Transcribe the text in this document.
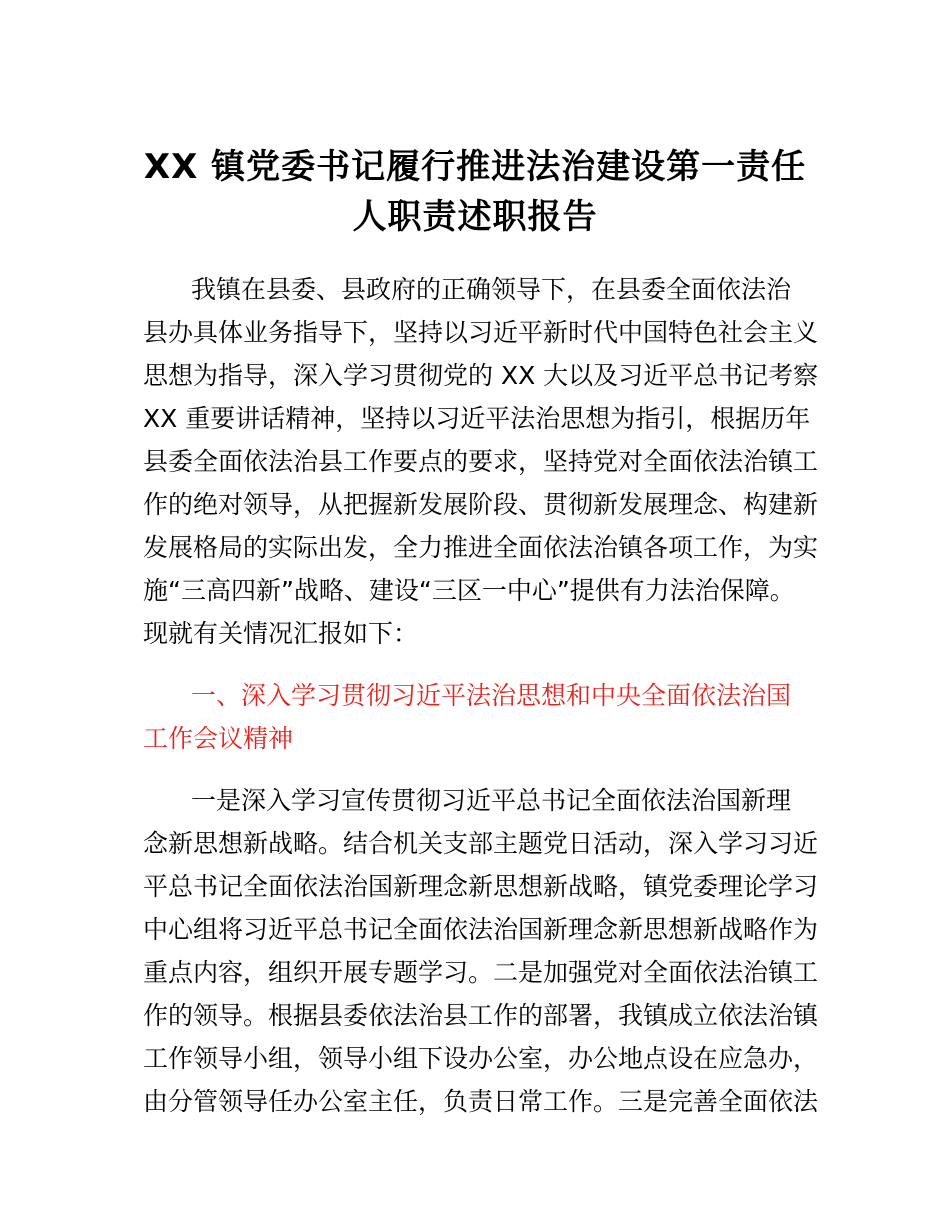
XX 镇党委书记履行推进法治建设第一责任
人职责述职报告
我镇在县委、县政府的正确领导下，在县委全面依法治
县办具体业务指导下，坚持以习近平新时代中国特色社会主义
思想为指导，深入学习贯彻党的 XX 大以及习近平总书记考察
XX 重要讲话精神，坚持以习近平法治思想为指引，根据历年
县委全面依法治县工作要点的要求，坚持党对全面依法治镇工
作的绝对领导，从把握新发展阶段、贯彻新发展理念、构建新
发展格局的实际出发，全力推进全面依法治镇各项工作，为实
施“三高四新”战略、建设“三区一中心”提供有力法治保障。
现就有关情况汇报如下：
一、深入学习贯彻习近平法治思想和中央全面依法治国
工作会议精神
一是深入学习宣传贯彻习近平总书记全面依法治国新理
念新思想新战略。结合机关支部主题党日活动，深入学习习近
平总书记全面依法治国新理念新思想新战略，镇党委理论学习
中心组将习近平总书记全面依法治国新理念新思想新战略作为
重点内容，组织开展专题学习。二是加强党对全面依法治镇工
作的领导。根据县委依法治县工作的部署，我镇成立依法治镇
工作领导小组，领导小组下设办公室，办公地点设在应急办，
由分管领导任办公室主任，负责日常工作。三是完善全面依法
